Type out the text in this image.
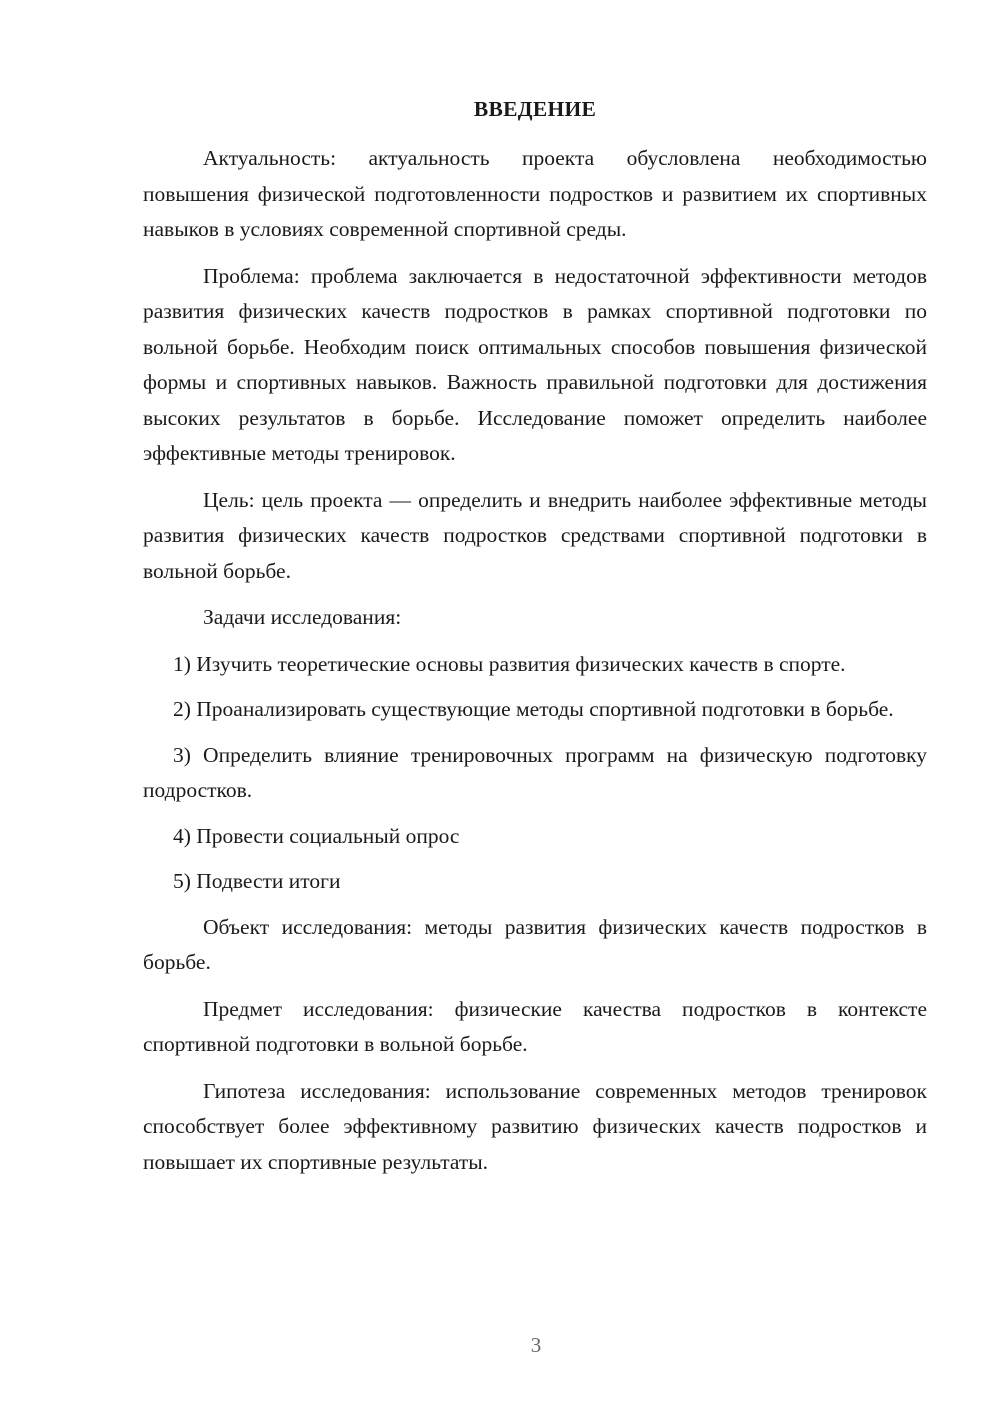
ВВЕДЕНИЕ

Актуальность: актуальность проекта обусловлена необходимостью повышения физической подготовленности подростков и развитием их спортивных навыков в условиях современной спортивной среды.

Проблема: проблема заключается в недостаточной эффективности методов развития физических качеств подростков в рамках спортивной подготовки по вольной борьбе. Необходим поиск оптимальных способов повышения физической формы и спортивных навыков. Важность правильной подготовки для достижения высоких результатов в борьбе. Исследование поможет определить наиболее эффективные методы тренировок.

Цель: цель проекта — определить и внедрить наиболее эффективные методы развития физических качеств подростков средствами спортивной подготовки в вольной борьбе.

Задачи исследования:

1) Изучить теоретические основы развития физических качеств в спорте.

2) Проанализировать существующие методы спортивной подготовки в борьбе.

3) Определить влияние тренировочных программ на физическую подготовку подростков.

4) Провести социальный опрос

5) Подвести итоги

Объект исследования: методы развития физических качеств подростков в борьбе.

Предмет исследования: физические качества подростков в контексте спортивной подготовки в вольной борьбе.

Гипотеза исследования: использование современных методов тренировок способствует более эффективному развитию физических качеств подростков и повышает их спортивные результаты.

3
